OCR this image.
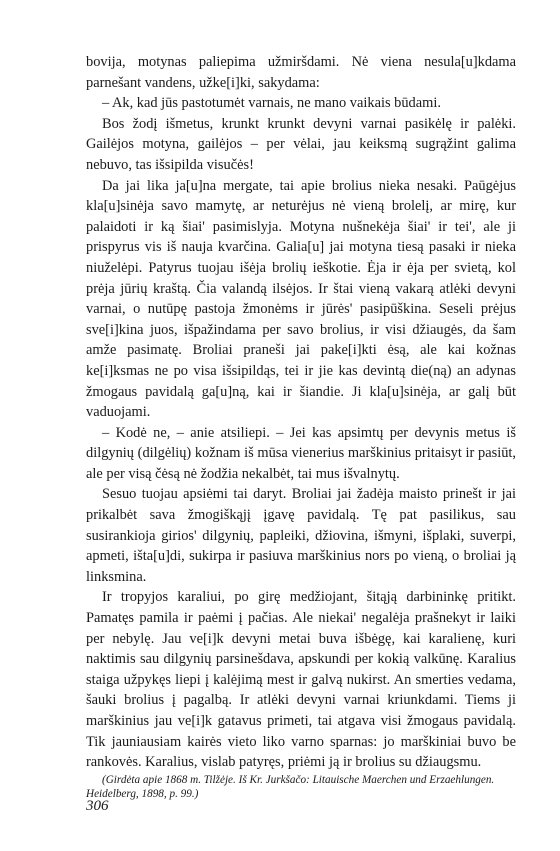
bovija, motynas paliepima užmiršdami. Nė viena nesula[u]kdama parnešant vandens, užke[i]ki, sakydama:

– Ak, kad jūs pastotumėt varnais, ne mano vaikais būdami.

Bos žodį išmetus, krunkt krunkt devyni varnai pasikėlę ir palėki. Gailėjos motyna, gailėjos – per vėlai, jau keiksmą sugrąžint galima nebuvo, tas išsipilda visučės!

Da jai lika ja[u]na mergate, tai apie brolius nieka nesaki. Paūgėjus kla[u]sinėja savo mamytę, ar neturėjus nė vieną brolelį, ar mirę, kur palaidoti ir ką šiai' pasimislyja. Motyna nušnekėja šiai' ir tei', ale ji prispyrus vis iš nauja kvarčina. Galia[u] jai motyna tiesą pasaki ir nieka niuželėpi. Patyrus tuojau išėja brolių ieškotie. Ėja ir ėja per svietą, kol prėja jūrių kraštą. Čia valandą ilsėjos. Ir štai vieną vakarą atlėki devyni varnai, o nutūpę pastoja žmonėms ir jūrės' pasipūškina. Seseli prėjus sve[i]kina juos, išpažindama per savo brolius, ir visi džiaugės, da šam amže pasimatę. Broliai praneši jai pake[i]kti ėsą, ale kai kožnas ke[i]ksmas ne po visa išsipildąs, tei ir jie kas devintą die(ną) an adynas žmogaus pavidalą ga[u]ną, kai ir šiandie. Ji kla[u]sinėja, ar galį būt vaduojami.

– Kodė ne, – anie atsiliepi. – Jei kas apsimtų per devynis metus iš dilgynių (dilgėlių) kožnam iš mūsa vienerius marškinius pritaisyt ir pasiūt, ale per visą čėsą nė žodžia nekalbėt, tai mus išvalnytų.

Sesuo tuojau apsiėmi tai daryt. Broliai jai žadėja maisto prinešt ir jai prikalbėt sava žmogiškąjį įgavę pavidalą. Tę pat pasilikus, sau susirankioja girios' dilgynių, papleiki, džiovina, išmyni, išplaki, suverpi, apmeti, išta[u]di, sukirpa ir pasiuva marškinius nors po vieną, o broliai ją linksmina.

Ir tropyjos karaliui, po girę medžiojant, šitąją darbininkę pritikt. Pamatęs pamila ir paėmi į pačias. Ale niekai' negalėja prašnekyt ir laiki per nebylę. Jau ve[i]k devyni metai buva išbėgę, kai karalienę, kuri naktimis sau dilgynių parsinešdava, apskundi per kokią valkūnę. Karalius staiga užpykęs liepi į kalėjimą mest ir galvą nukirst. An smerties vedama, šauki brolius į pagalbą. Ir atlėki devyni varnai kriunkdami. Tiems ji marškinius jau ve[i]k gatavus primeti, tai atgava visi žmogaus pavidalą. Tik jauniausiam kairės vieto liko varno sparnas: jo marškiniai buvo be rankovės. Karalius, vislab patyręs, priėmi ją ir brolius su džiaugsmu.

(Girdėta apie 1868 m. Tilžėje. Iš Kr. Jurkšačo: Litauische Maerchen und Erzaehlungen. Heidelberg, 1898, p. 99.)

306
